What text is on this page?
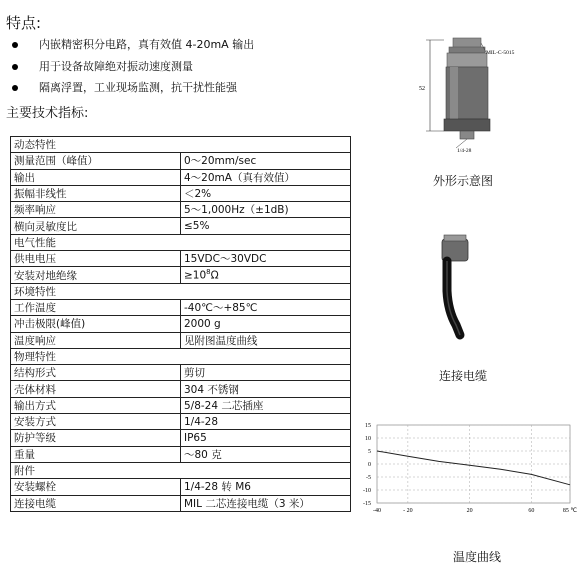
特点:
内嵌精密积分电路，真有效值 4-20mA 输出
用于设备故障绝对振动速度测量
隔离浮置，工业现场监测，抗干扰性能强
主要技术指标:
动态特性	
测量范围（峰值）	0～20mm/sec
输出	4～20mA（真有效值）
振幅非线性	＜2%
频率响应	5～1,000Hz（±1dB)
横向灵敏度比	≤5%
电气性能	
供电电压	15VDC～30VDC
安装对地绝缘	$\ge 10^8\Omega$
环境特性	
工作温度	-40℃～+85℃
冲击极限(峰值)	2000 g
温度响应	见附图温度曲线
物理特性	
结构形式	剪切
壳体材料	304 不锈钢
输出方式	5/8-24 二芯插座
安装方式	1/4-28
防护等级	IP65
重量	～80 克
附件	
安装螺栓	1/4-28 转 M6
连接电缆	MIL 二芯连接电缆（3 米）
52
MIL-C-5015
1/4-28
外形示意图
连接电缆
15
10
5
0
-5
-10
-15
-40	- 20	20	60	85 ℃
温度曲线
